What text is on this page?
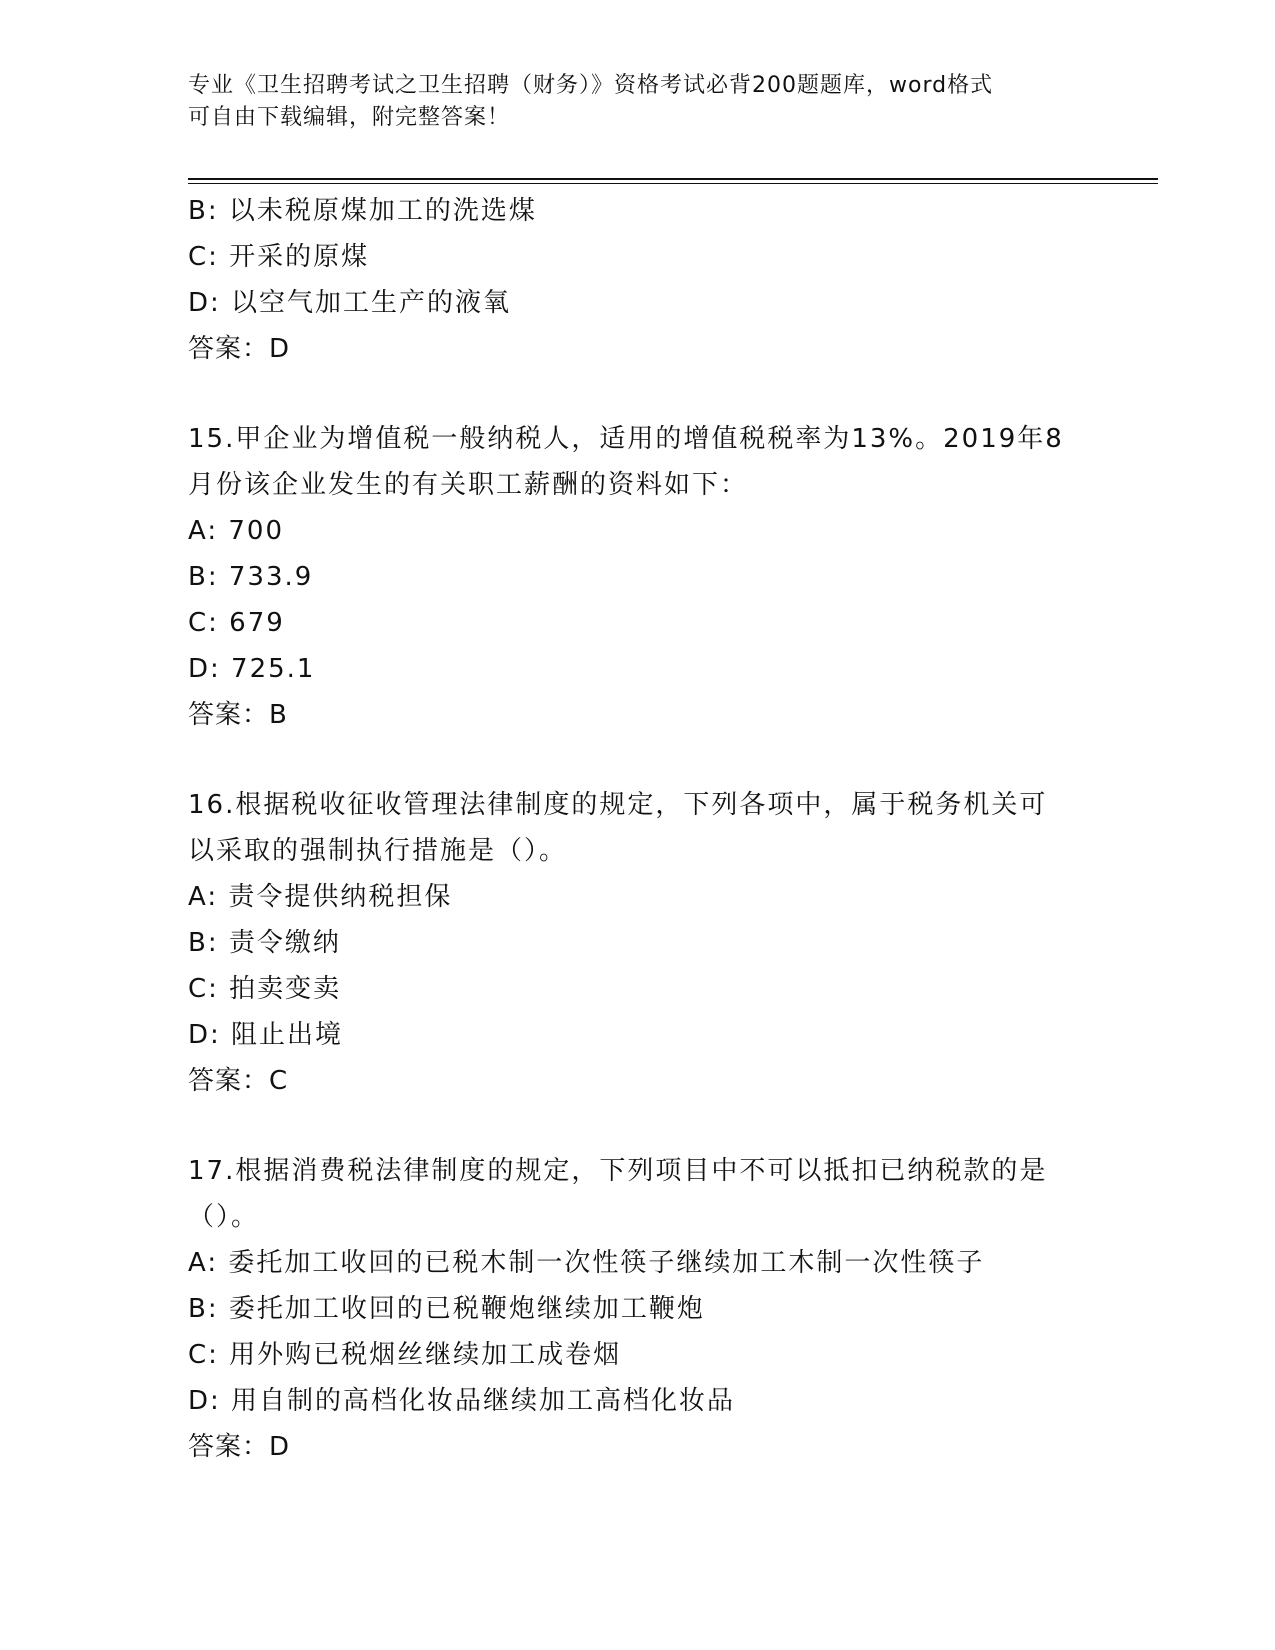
专业《卫生招聘考试之卫生招聘（财务）》资格考试必背200题题库，word格式
可自由下载编辑，附完整答案！
B: 以未税原煤加工的洗选煤
C: 开采的原煤
D: 以空气加工生产的液氧
答案：D
15.甲企业为增值税一般纳税人，适用的增值税税率为13%。2019年8
月份该企业发生的有关职工薪酬的资料如下：
A: 700
B: 733.9
C: 679
D: 725.1
答案：B
16.根据税收征收管理法律制度的规定，下列各项中，属于税务机关可
以采取的强制执行措施是（）。
A: 责令提供纳税担保
B: 责令缴纳
C: 拍卖变卖
D: 阻止出境
答案：C
17.根据消费税法律制度的规定，下列项目中不可以抵扣已纳税款的是
（）。
A: 委托加工收回的已税木制一次性筷子继续加工木制一次性筷子
B: 委托加工收回的已税鞭炮继续加工鞭炮
C: 用外购已税烟丝继续加工成卷烟
D: 用自制的高档化妆品继续加工高档化妆品
答案：D
